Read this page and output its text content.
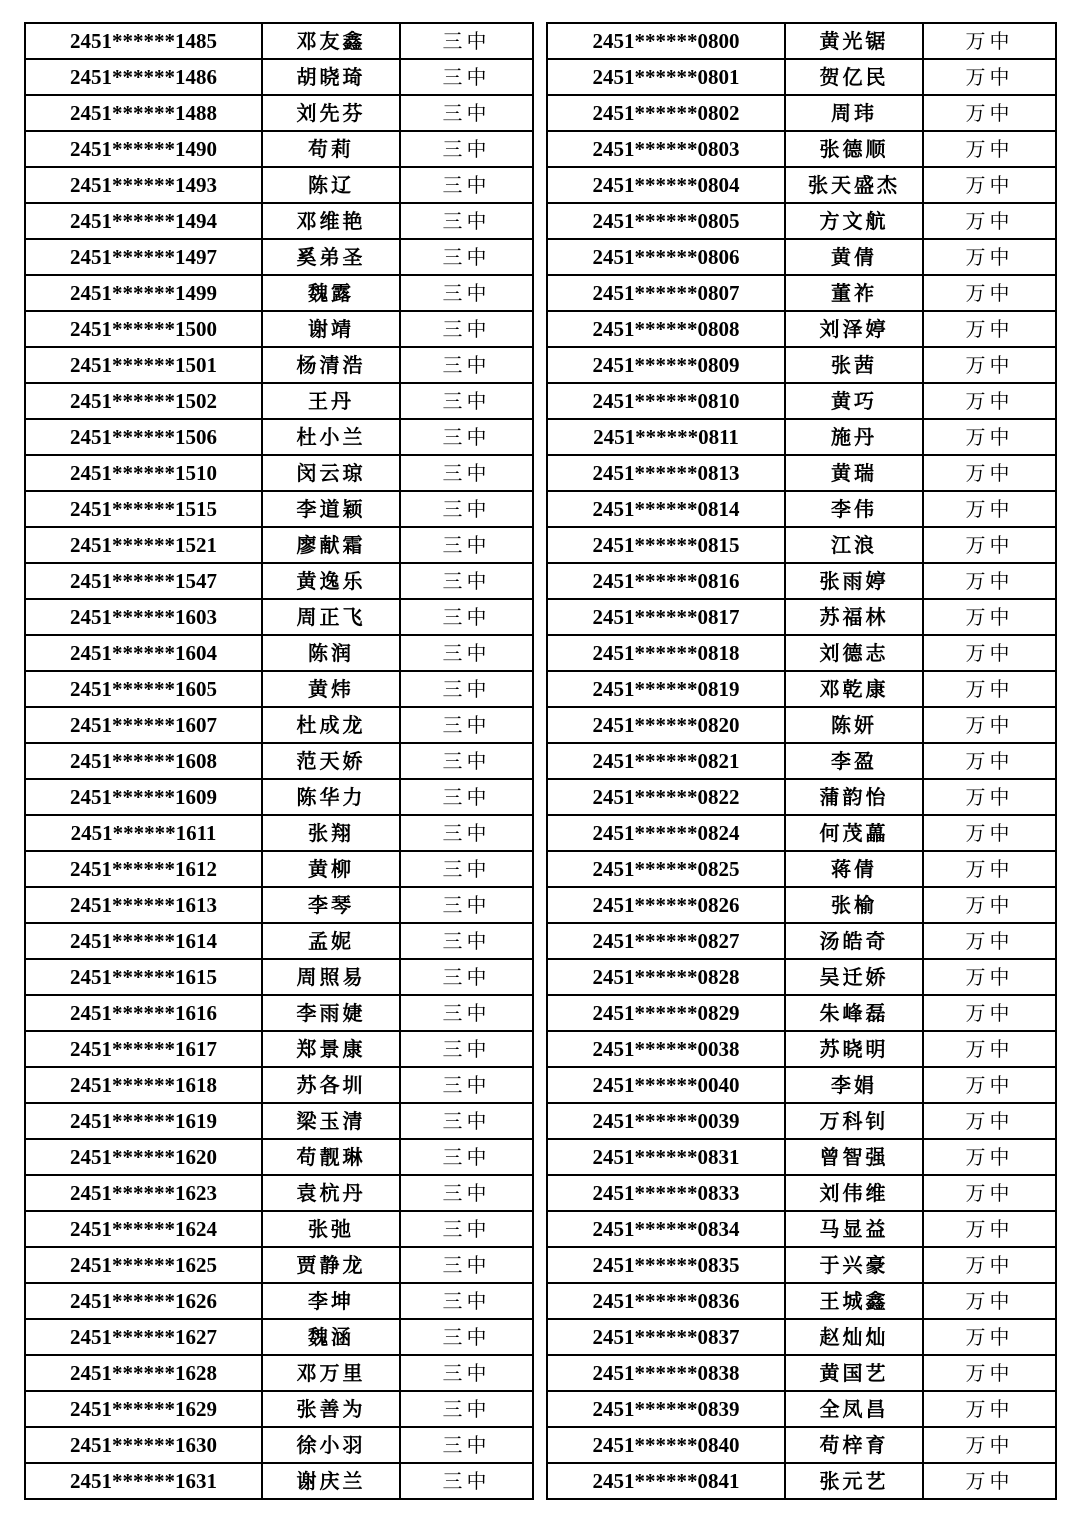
2451******1485	邓友鑫	三中
2451******1486	胡晓琦	三中
2451******1488	刘先芬	三中
2451******1490	苟莉	三中
2451******1493	陈辽	三中
2451******1494	邓维艳	三中
2451******1497	奚弟圣	三中
2451******1499	魏露	三中
2451******1500	谢靖	三中
2451******1501	杨清浩	三中
2451******1502	王丹	三中
2451******1506	杜小兰	三中
2451******1510	闵云琼	三中
2451******1515	李道颖	三中
2451******1521	廖献霜	三中
2451******1547	黄逸乐	三中
2451******1603	周正飞	三中
2451******1604	陈润	三中
2451******1605	黄炜	三中
2451******1607	杜成龙	三中
2451******1608	范天娇	三中
2451******1609	陈华力	三中
2451******1611	张翔	三中
2451******1612	黄柳	三中
2451******1613	李琴	三中
2451******1614	孟妮	三中
2451******1615	周照易	三中
2451******1616	李雨婕	三中
2451******1617	郑景康	三中
2451******1618	苏各圳	三中
2451******1619	梁玉清	三中
2451******1620	苟靓琳	三中
2451******1623	袁杭丹	三中
2451******1624	张弛	三中
2451******1625	贾静龙	三中
2451******1626	李坤	三中
2451******1627	魏涵	三中
2451******1628	邓万里	三中
2451******1629	张善为	三中
2451******1630	徐小羽	三中
2451******1631	谢庆兰	三中
2451******0800	黄光锯	万中
2451******0801	贺亿民	万中
2451******0802	周玮	万中
2451******0803	张德顺	万中
2451******0804	张天盛杰	万中
2451******0805	方文航	万中
2451******0806	黄倩	万中
2451******0807	董祚	万中
2451******0808	刘泽婷	万中
2451******0809	张茜	万中
2451******0810	黄巧	万中
2451******0811	施丹	万中
2451******0813	黄瑞	万中
2451******0814	李伟	万中
2451******0815	江浪	万中
2451******0816	张雨婷	万中
2451******0817	苏福林	万中
2451******0818	刘德志	万中
2451******0819	邓乾康	万中
2451******0820	陈妍	万中
2451******0821	李盈	万中
2451******0822	蒲韵怡	万中
2451******0824	何茂藟	万中
2451******0825	蒋倩	万中
2451******0826	张榆	万中
2451******0827	汤皓奇	万中
2451******0828	吴迁娇	万中
2451******0829	朱峰磊	万中
2451******0038	苏晓明	万中
2451******0040	李娟	万中
2451******0039	万科钊	万中
2451******0831	曾智强	万中
2451******0833	刘伟维	万中
2451******0834	马显益	万中
2451******0835	于兴豪	万中
2451******0836	王城鑫	万中
2451******0837	赵灿灿	万中
2451******0838	黄国艺	万中
2451******0839	全凤昌	万中
2451******0840	苟梓育	万中
2451******0841	张元艺	万中
